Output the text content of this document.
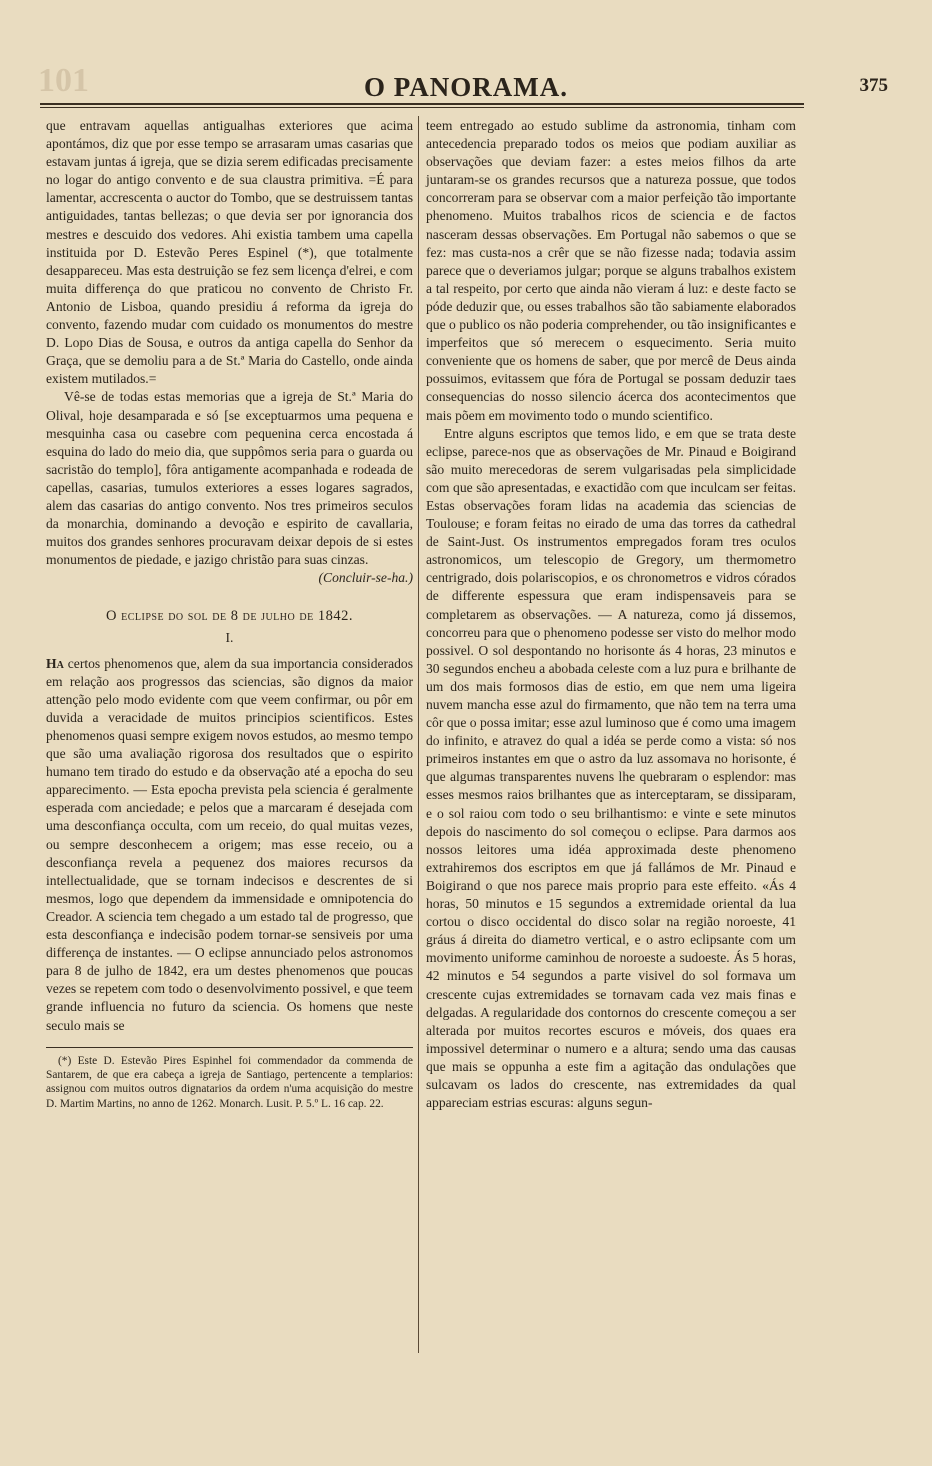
101	O PANORAMA.	375

que entravam aquellas antigualhas exteriores que acima apontámos, diz que por esse tempo se arrasaram umas casarias que estavam juntas á igreja, que se dizia serem edificadas precisamente no logar do antigo convento e de sua claustra primitiva. =É para lamentar, accrescenta o auctor do Tombo, que se destruissem tantas antiguidades, tantas bellezas; o que devia ser por ignorancia dos mestres e descuido dos vedores. Ahi existia tambem uma capella instituida por D. Estevão Peres Espinel (*), que totalmente desappareceu. Mas esta destruição se fez sem licença d'elrei, e com muita differença do que praticou no convento de Christo Fr. Antonio de Lisboa, quando presidiu á reforma da igreja do convento, fazendo mudar com cuidado os monumentos do mestre D. Lopo Dias de Sousa, e outros da antiga capella do Senhor da Graça, que se demoliu para a de St.ª Maria do Castello, onde ainda existem mutilados.=

Vê-se de todas estas memorias que a igreja de St.ª Maria do Olival, hoje desamparada e só [se exceptuarmos uma pequena e mesquinha casa ou casebre com pequenina cerca encostada á esquina do lado do meio dia, que suppômos seria para o guarda ou sacristão do templo], fôra antigamente acompanhada e rodeada de capellas, casarias, tumulos exteriores a esses logares sagrados, alem das casarias do antigo convento. Nos tres primeiros seculos da monarchia, dominando a devoção e espirito de cavallaria, muitos dos grandes senhores procuravam deixar depois de si estes monumentos de piedade, e jazigo christão para suas cinzas.

(Concluir-se-ha.)
O eclipse do sol de 8 de julho de 1842.
I.

Ha certos phenomenos que, alem da sua importancia considerados em relação aos progressos das sciencias, são dignos da maior attenção pelo modo evidente com que veem confirmar, ou pôr em duvida a veracidade de muitos principios scientificos. Estes phenomenos quasi sempre exigem novos estudos, ao mesmo tempo que são uma avaliação rigorosa dos resultados que o espirito humano tem tirado do estudo e da observação até a epocha do seu apparecimento. — Esta epocha prevista pela sciencia é geralmente esperada com anciedade; e pelos que a marcaram é desejada com uma desconfiança occulta, com um receio, do qual muitas vezes, ou sempre desconhecem a origem; mas esse receio, ou a desconfiança revela a pequenez dos maiores recursos da intellectualidade, que se tornam indecisos e descrentes de si mesmos, logo que dependem da immensidade e omnipotencia do Creador. A sciencia tem chegado a um estado tal de progresso, que esta desconfiança e indecisão podem tornar-se sensiveis por uma differença de instantes. — O eclipse annunciado pelos astronomos para 8 de julho de 1842, era um destes phenomenos que poucas vezes se repetem com todo o desenvolvimento possivel, e que teem grande influencia no futuro da sciencia. Os homens que neste seculo mais se

(*) Este D. Estevão Pires Espinhel foi commendador da commenda de Santarem, de que era cabeça a igreja de Santiago, pertencente a templarios: assignou com muitos outros dignatarios da ordem n'uma acquisição do mestre D. Martim Martins, no anno de 1262. Monarch. Lusit. P. 5.º L. 16 cap. 22.

teem entregado ao estudo sublime da astronomia, tinham com antecedencia preparado todos os meios que podiam auxiliar as observações que deviam fazer: a estes meios filhos da arte juntaram-se os grandes recursos que a natureza possue, que todos concorreram para se observar com a maior perfeição tão importante phenomeno. Muitos trabalhos ricos de sciencia e de factos nasceram dessas observações. Em Portugal não sabemos o que se fez: mas custa-nos a crêr que se não fizesse nada; todavia assim parece que o deveriamos julgar; porque se alguns trabalhos existem a tal respeito, por certo que ainda não vieram á luz: e deste facto se póde deduzir que, ou esses trabalhos são tão sabiamente elaborados que o publico os não poderia comprehender, ou tão insignificantes e imperfeitos que só merecem o esquecimento. Seria muito conveniente que os homens de saber, que por mercê de Deus ainda possuimos, evitassem que fóra de Portugal se possam deduzir taes consequencias do nosso silencio ácerca dos acontecimentos que mais põem em movimento todo o mundo scientifico.

Entre alguns escriptos que temos lido, e em que se trata deste eclipse, parece-nos que as observações de Mr. Pinaud e Boigirand são muito merecedoras de serem vulgarisadas pela simplicidade com que são apresentadas, e exactidão com que inculcam ser feitas. Estas observações foram lidas na academia das sciencias de Toulouse; e foram feitas no eirado de uma das torres da cathedral de Saint-Just. Os instrumentos empregados foram tres oculos astronomicos, um telescopio de Gregory, um thermometro centrigrado, dois polariscopios, e os chronometros e vidros córados de differente espessura que eram indispensaveis para se completarem as observações. — A natureza, como já dissemos, concorreu para que o phenomeno podesse ser visto do melhor modo possivel. O sol despontando no horisonte ás 4 horas, 23 minutos e 30 segundos encheu a abobada celeste com a luz pura e brilhante de um dos mais formosos dias de estio, em que nem uma ligeira nuvem mancha esse azul do firmamento, que não tem na terra uma côr que o possa imitar; esse azul luminoso que é como uma imagem do infinito, e atravez do qual a idéa se perde como a vista: só nos primeiros instantes em que o astro da luz assomava no horisonte, é que algumas transparentes nuvens lhe quebraram o esplendor: mas esses mesmos raios brilhantes que as interceptaram, se dissiparam, e o sol raiou com todo o seu brilhantismo: e vinte e sete minutos depois do nascimento do sol começou o eclipse. Para darmos aos nossos leitores uma idéa approximada deste phenomeno extrahiremos dos escriptos em que já fallámos de Mr. Pinaud e Boigirand o que nos parece mais proprio para este effeito. «Ás 4 horas, 50 minutos e 15 segundos a extremidade oriental da lua cortou o disco occidental do disco solar na região noroeste, 41 gráus á direita do diametro vertical, e o astro eclipsante com um movimento uniforme caminhou de noroeste a sudoeste. Ás 5 horas, 42 minutos e 54 segundos a parte visivel do sol formava um crescente cujas extremidades se tornavam cada vez mais finas e delgadas. A regularidade dos contornos do crescente começou a ser alterada por muitos recortes escuros e móveis, dos quaes era impossivel determinar o numero e a altura; sendo uma das causas que mais se oppunha a este fim a agitação das ondulações que sulcavam os lados do crescente, nas extremidades da qual appareciam estrias escuras: alguns segun-
